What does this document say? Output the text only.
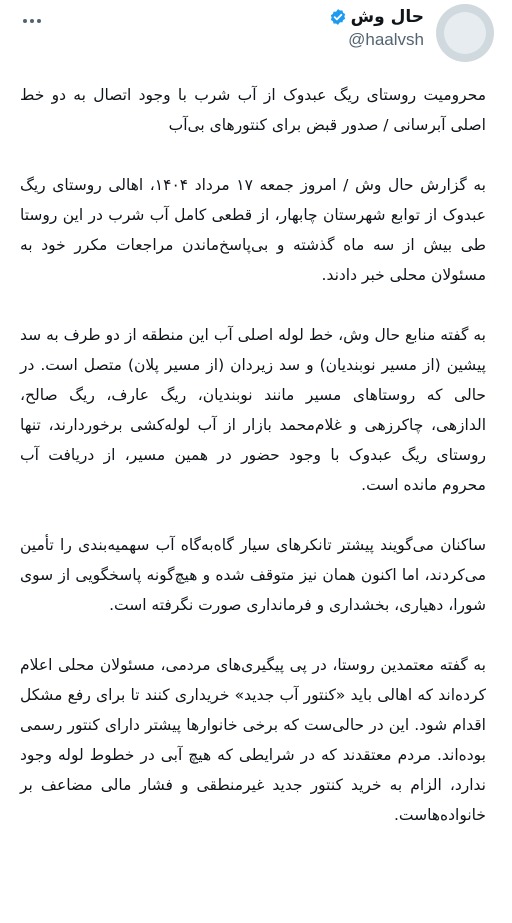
حال وش
@haalvsh

محرومیت روستای ریگ عبدوک از آب شرب با وجود اتصال به دو خط اصلی آبرسانی / صدور قبض برای کنتورهای بی‌آب

به گزارش حال وش / امروز جمعه ۱۷ مرداد ۱۴۰۴، اهالی روستای ریگ عبدوک از توابع شهرستان چابهار، از قطعی کامل آب شرب در این روستا طی بیش از سه ماه گذشته و بی‌پاسخ‌ماندن مراجعات مکرر خود به مسئولان محلی خبر دادند.

به گفته منابع حال وش، خط لوله اصلی آب این منطقه از دو طرف به سد پیشین (از مسیر نوبندیان) و سد زیردان (از مسیر پلان) متصل است. در حالی که روستاهای مسیر مانند نوبندیان، ریگ عارف، ریگ صالح، الدازهی، چاکرزهی و غلام‌محمد بازار از آب لوله‌کشی برخوردارند، تنها روستای ریگ عبدوک با وجود حضور در همین مسیر، از دریافت آب محروم مانده است.

ساکنان می‌گویند پیشتر تانکرهای سیار گاه‌به‌گاه آب سهمیه‌بندی را تأمین می‌کردند، اما اکنون همان نیز متوقف شده و هیچ‌گونه پاسخگویی از سوی شورا، دهیاری، بخشداری و فرمانداری صورت نگرفته است.

به گفته معتمدین روستا، در پی پیگیری‌های مردمی، مسئولان محلی اعلام کرده‌اند که اهالی باید «کنتور آب جدید» خریداری کنند تا برای رفع مشکل اقدام شود. این در حالی‌ست که برخی خانوارها پیشتر دارای کنتور رسمی بوده‌اند. مردم معتقدند که در شرایطی که هیچ آبی در خطوط لوله وجود ندارد، الزام به خرید کنتور جدید غیرمنطقی و فشار مالی مضاعف بر خانواده‌هاست.
